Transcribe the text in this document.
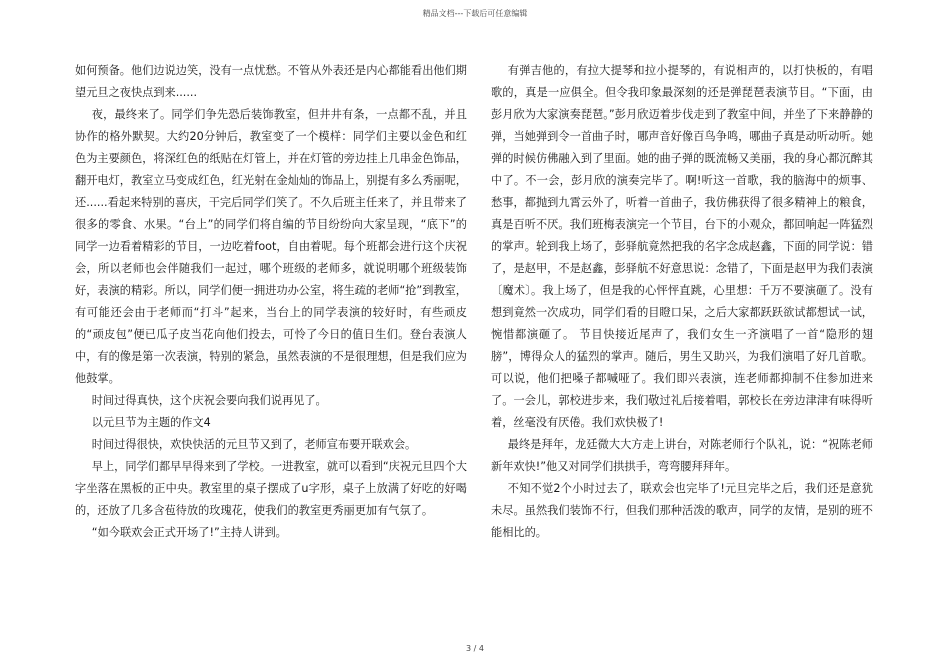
精品文档---下载后可任意编辑

如何预备。他们边说边笑，没有一点忧愁。不管从外表还是内心都能看出他们期望元旦之夜快点到来......

夜，最终来了。同学们争先恐后装饰教室，但井井有条，一点都不乱，并且协作的格外默契。大约20分钟后，教室变了一个模样：同学们主要以金色和红色为主要颜色，将深红色的纸贴在灯管上，并在灯管的旁边挂上几串金色饰品，翻开电灯，教室立马变成红色，红光射在金灿灿的饰品上，别提有多么秀丽呢，还......看起来特别的喜庆，干完后同学们笑了。不久后班主任来了，并且带来了很多的零食、水果。“台上”的同学们将自编的节目纷纷向大家呈现，“底下”的同学一边看着精彩的节目，一边吃着foot，自由着呢。每个班都会进行这个庆祝会，所以老师也会伴随我们一起过，哪个班级的老师多，就说明哪个班级装饰好，表演的精彩。所以，同学们便一拥进功办公室，将生疏的老师“抢”到教室，有可能还会由于老师而“打斗”起来，当台上的同学表演的较好时，有些顽皮的“顽皮包”便已瓜子皮当花向他们投去，可怜了今日的值日生们。登台表演人中，有的像是第一次表演，特别的紧急，虽然表演的不是很理想，但是我们应为他鼓掌。

时间过得真快，这个庆祝会要向我们说再见了。

以元旦节为主题的作文4

时间过得很快，欢快快活的元旦节又到了，老师宣布要开联欢会。

早上，同学们都早早得来到了学校。一进教室，就可以看到“庆祝元旦四个大字坐落在黑板的正中央。教室里的桌子摆成了u字形，桌子上放满了好吃的好喝的，还放了几多含苞待放的玫瑰花，使我们的教室更秀丽更加有气氛了。

“如今联欢会正式开场了!”主持人讲到。

有弹吉他的，有拉大提琴和拉小提琴的，有说相声的，以打快板的，有唱歌的，真是一应俱全。但令我印象最深刻的还是弹琵琶表演节目。“下面，由彭月欣为大家演奏琵琶。”彭月欣迈着步伐走到了教室中间，并坐了下来静静的弹，当她弹到令一首曲子时，哪声音好像百鸟争鸣，哪曲子真是动听动听。她弹的时候仿佛融入到了里面。她的曲子弹的既流畅又美丽，我的身心都沉醉其中了。不一会，彭月欣的演奏完毕了。啊!听这一首歌，我的脑海中的烦事、愁事，都抛到九霄云外了，听着一首曲子，我仿佛获得了很多精神上的粮食，真是百听不厌。我们班梅表演完一个节目，台下的小观众，都回响起一阵猛烈的掌声。轮到我上场了，彭驿航竟然把我的名字念成赵鑫，下面的同学说：错了，是赵甲，不是赵鑫，彭驿航不好意思说：念错了，下面是赵甲为我们表演〔魔术〕。我上场了，但是我的心怦怦直跳，心里想：千万不要演砸了。没有想到竟然一次成功，同学们看的目瞪口呆，之后大家都跃跃欲试都想试一试，惋惜都演砸了。 节目快接近尾声了，我们女生一齐演唱了一首“隐形的翅膀”，博得众人的猛烈的掌声。随后，男生又助兴，为我们演唱了好几首歌。可以说，他们把嗓子都喊哑了。我们即兴表演，连老师都抑制不住参加进来了。一会儿，郭校进步来，我们敬过礼后接着唱，郭校长在旁边津津有味得听着，丝毫没有厌倦。我们欢快极了!

最终是拜年，龙廷微大大方走上讲台，对陈老师行个队礼，说：“祝陈老师新年欢快!”他又对同学们拱拱手，弯弯腰拜拜年。

不知不觉2个小时过去了，联欢会也完毕了!元旦完毕之后，我们还是意犹未尽。虽然我们装饰不行，但我们那种活泼的歌声，同学的友情，是别的班不能相比的。

3 / 4
